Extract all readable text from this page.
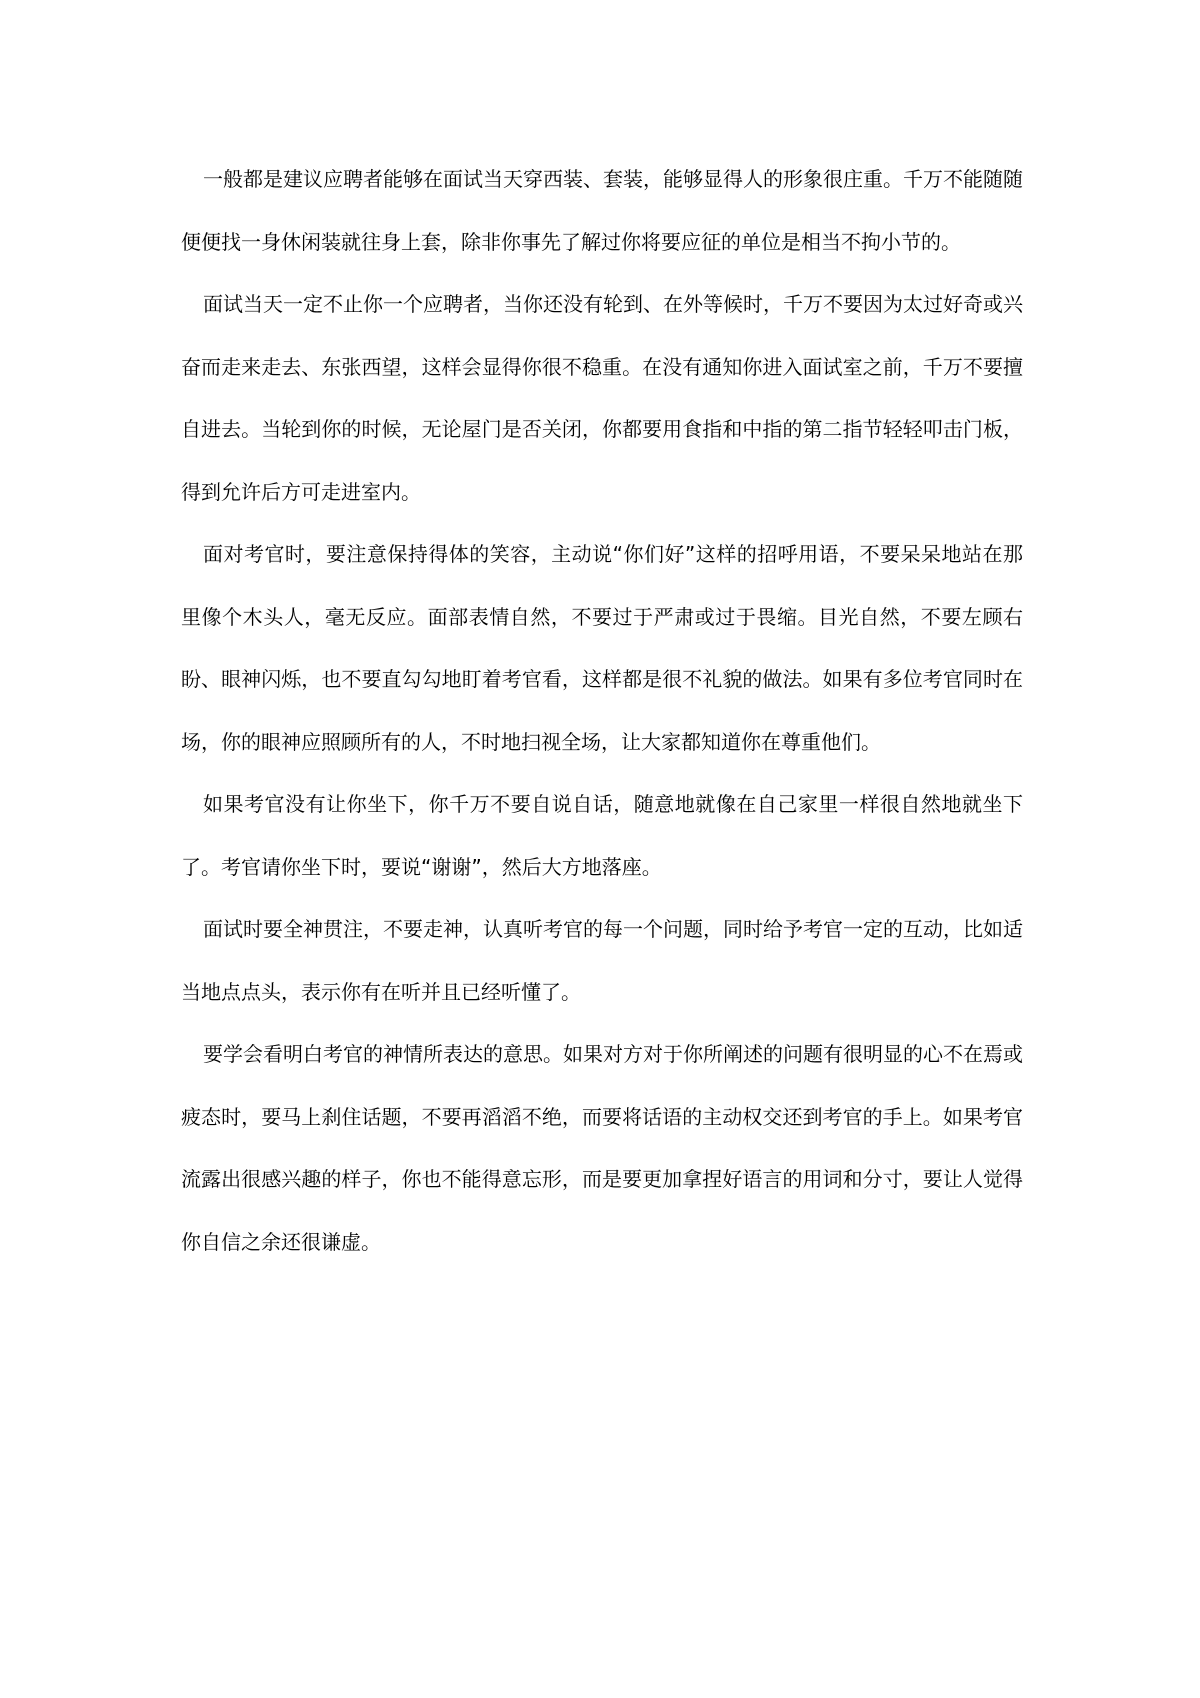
一般都是建议应聘者能够在面试当天穿西装、套装，能够显得人的形象很庄重。千万不能随随便便找一身休闲装就往身上套，除非你事先了解过你将要应征的单位是相当不拘小节的。

面试当天一定不止你一个应聘者，当你还没有轮到、在外等候时，千万不要因为太过好奇或兴奋而走来走去、东张西望，这样会显得你很不稳重。在没有通知你进入面试室之前，千万不要擅自进去。当轮到你的时候，无论屋门是否关闭，你都要用食指和中指的第二指节轻轻叩击门板，得到允许后方可走进室内。

面对考官时，要注意保持得体的笑容，主动说“你们好”这样的招呼用语，不要呆呆地站在那里像个木头人，毫无反应。面部表情自然，不要过于严肃或过于畏缩。目光自然，不要左顾右盼、眼神闪烁，也不要直勾勾地盯着考官看，这样都是很不礼貌的做法。如果有多位考官同时在场，你的眼神应照顾所有的人，不时地扫视全场，让大家都知道你在尊重他们。

如果考官没有让你坐下，你千万不要自说自话，随意地就像在自己家里一样很自然地就坐下了。考官请你坐下时，要说“谢谢”，然后大方地落座。

面试时要全神贯注，不要走神，认真听考官的每一个问题，同时给予考官一定的互动，比如适当地点点头，表示你有在听并且已经听懂了。

要学会看明白考官的神情所表达的意思。如果对方对于你所阐述的问题有很明显的心不在焉或疲态时，要马上刹住话题，不要再滔滔不绝，而要将话语的主动权交还到考官的手上。如果考官流露出很感兴趣的样子，你也不能得意忘形，而是要更加拿捏好语言的用词和分寸，要让人觉得你自信之余还很谦虚。
